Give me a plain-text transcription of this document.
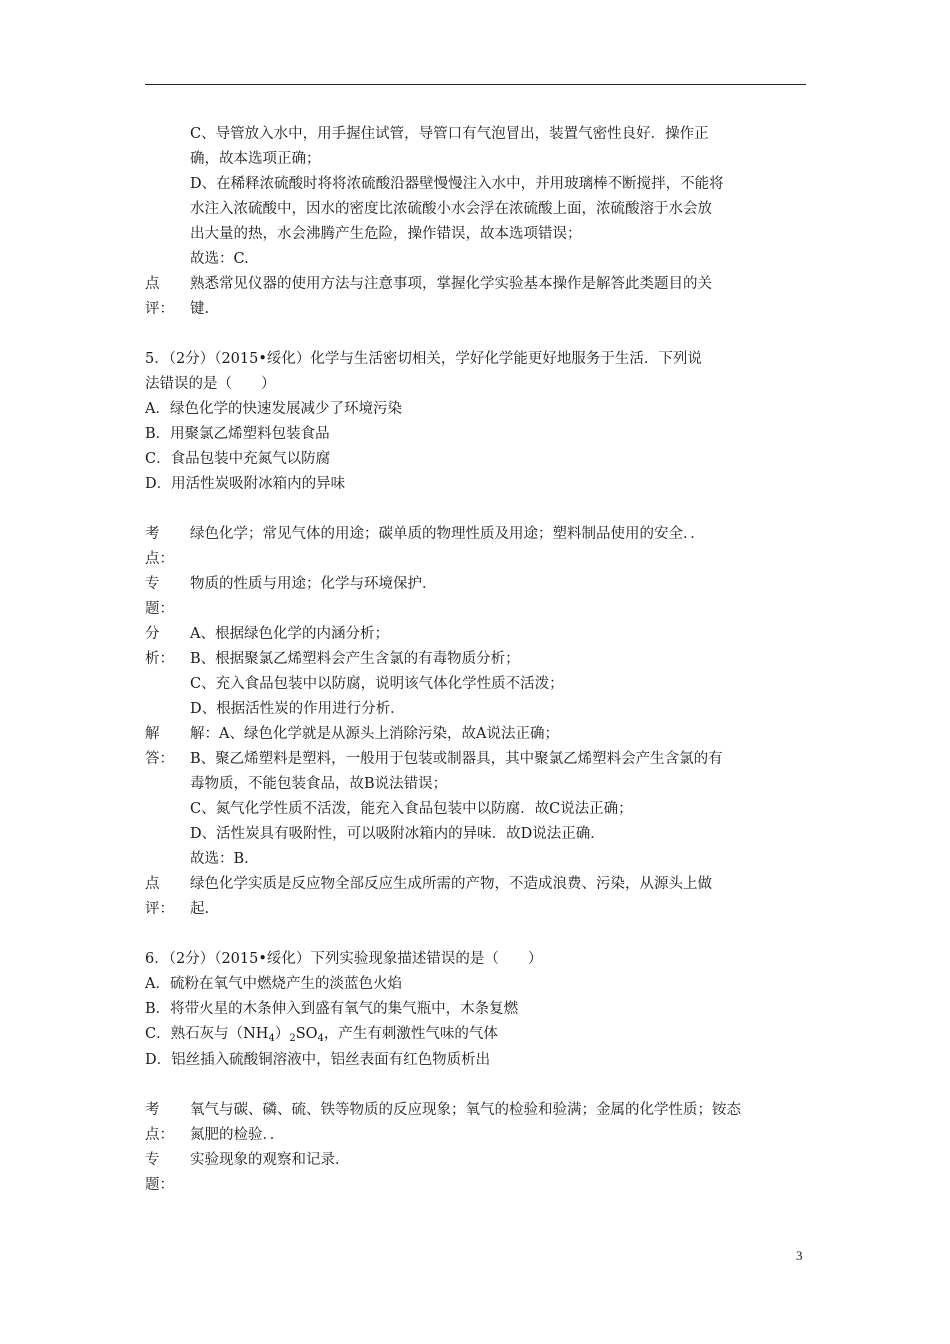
C、导管放入水中，用手握住试管，导管口有气泡冒出，装置气密性良好．操作正
确，故本选项正确；
D、在稀释浓硫酸时将将浓硫酸沿器壁慢慢注入水中，并用玻璃棒不断搅拌，不能将
水注入浓硫酸中，因水的密度比浓硫酸小水会浮在浓硫酸上面，浓硫酸溶于水会放
出大量的热，水会沸腾产生危险，操作错误，故本选项错误；
故选：C.
点
评：
熟悉常见仪器的使用方法与注意事项，掌握化学实验基本操作是解答此类题目的关
键.
5．（2分）（2015•绥化）化学与生活密切相关，学好化学能更好地服务于生活．下列说
法错误的是（　　）
A．绿色化学的快速发展减少了环境污染
B．用聚氯乙烯塑料包装食品
C．食品包装中充氮气以防腐
D．用活性炭吸附冰箱内的异味
考
点：
绿色化学；常见气体的用途；碳单质的物理性质及用途；塑料制品使用的安全．．
专
题：
物质的性质与用途；化学与环境保护．
分
析：
A、根据绿色化学的内涵分析；
B、根据聚氯乙烯塑料会产生含氯的有毒物质分析；
C、充入食品包装中以防腐，说明该气体化学性质不活泼；
D、根据活性炭的作用进行分析．
解
答：
解：A、绿色化学就是从源头上消除污染，故A说法正确；
B、聚乙烯塑料是塑料，一般用于包装或制器具，其中聚氯乙烯塑料会产生含氯的有
毒物质，不能包装食品，故B说法错误；
C、氮气化学性质不活泼，能充入食品包装中以防腐．故C说法正确；
D、活性炭具有吸附性，可以吸附冰箱内的异味．故D说法正确．
故选：B.
点
评：
绿色化学实质是反应物全部反应生成所需的产物，不造成浪费、污染，从源头上做
起.
6．（2分）（2015•绥化）下列实验现象描述错误的是（　　）
A．硫粉在氧气中燃烧产生的淡蓝色火焰
B．将带火星的木条伸入到盛有氧气的集气瓶中，木条复燃
C．熟石灰与$(NH_4)_2SO_4$，产生有刺激性气味的气体
D．铝丝插入硫酸铜溶液中，铝丝表面有红色物质析出
考
点：
氧气与碳、磷、硫、铁等物质的反应现象；氧气的检验和验满；金属的化学性质；铵态
氮肥的检验．．
专
题：
实验现象的观察和记录．
3
